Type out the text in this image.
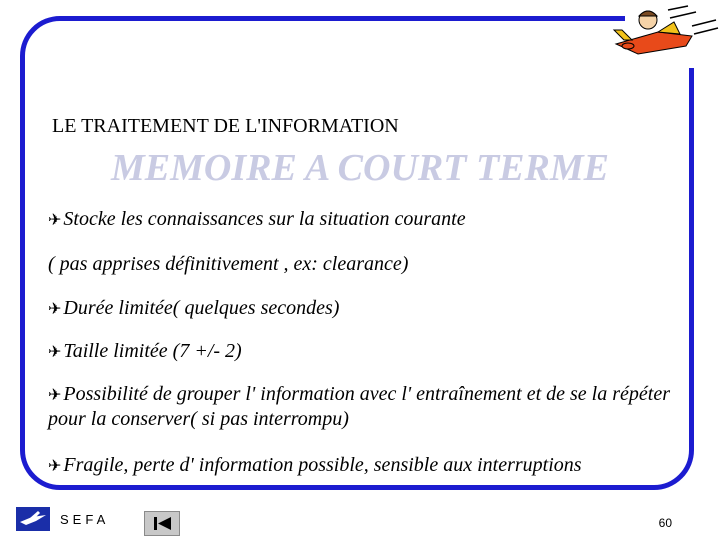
LE TRAITEMENT DE L'INFORMATION
MEMOIRE A COURT TERME
✈ Stocke les connaissances sur la situation courante
( pas apprises définitivement , ex: clearance)
✈ Durée limitée( quelques secondes)
✈ Taille limitée (7 +/- 2)
✈ Possibilité de grouper l' information avec l' entraînement et de se la répéter pour la conserver( si pas interrompu)
✈ Fragile, perte d' information possible, sensible aux interruptions
SEFA	60
